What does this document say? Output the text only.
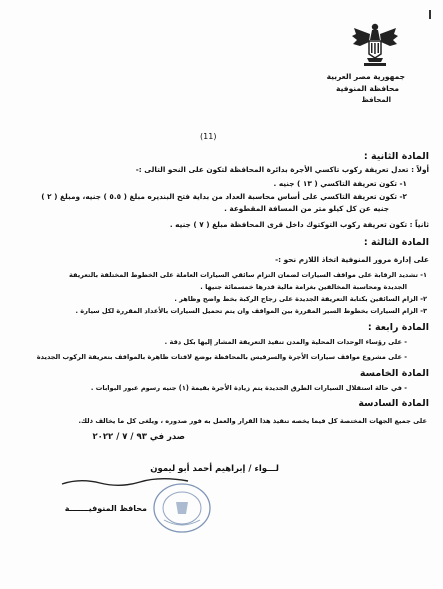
جمهورية مصر العربية
محافظة المنوفية
المحافظ
(11)
المادة الثانية :
أولاً : تعدل تعريفة ركوب تاكسي الأجرة بدائرة المحافظة لتكون على النحو التالى :-
١- تكون تعريفة التاكسي ( ١٣ ) جنيه .
٢- تكون تعريفة التاكسي على أساس محاسبة العداد من بداية فتح البنديره مبلغ ( ٥.٥ ) جنيه، ومبلغ ( ٢ )
جنيه عن كل كيلو متر من المسافة المقطوعة .
ثانياً : تكون تعريفة ركوب التوكتوك داخل قرى المحافظة مبلغ ( ٧ ) جنيه .
المادة الثالثة :
على إدارة مرور المنوفية اتخاذ اللازم نحو :-
١- تشديد الرقابة على مواقف السيارات لضمان التزام سائقي السيارات العاملة على الخطوط المختلفة بالتعريفة
الجديدة ومحاسبة المخالفين بغرامة مالية قدرها خمسمائة جنيها .
٢- الزام السائقين بكتابة التعريفة الجديدة على زجاج الركبة بخط واضح وظاهر .
٣- الزام السيارات بخطوط السير المقررة بين المواقف وان يتم تحميل السيارات بالأعداد المقررة لكل سيارة .
المادة رابعة :
- على رؤساء الوحدات المحلية والمدن تنفيذ التعريفة المشار إليها بكل دقة .
- على مشروع مواقف سيارات الأجرة والسرفيس بالمحافظة بوضع لافتات ظاهرة بالمواقف بتعريفة الركوب الجديدة
المادة الخامسة
- في حالة استقلال السيارات الطرق الجديدة يتم زيادة الأجرة بقيمة (١) جنيه رسوم عبور البوابات .
المادة السادسة
على جميع الجهات المختصة كل فيما يخصه تنفيذ هذا القرار والعمل به فور صدوره ، ويلغى كل ما يخالف ذلك.
صدر في ٩٣ / ٧ / ٢٠٢٢
لـــواء / إبراهيم أحمد أبو ليمون
محافظ المنوفيـــــــة
